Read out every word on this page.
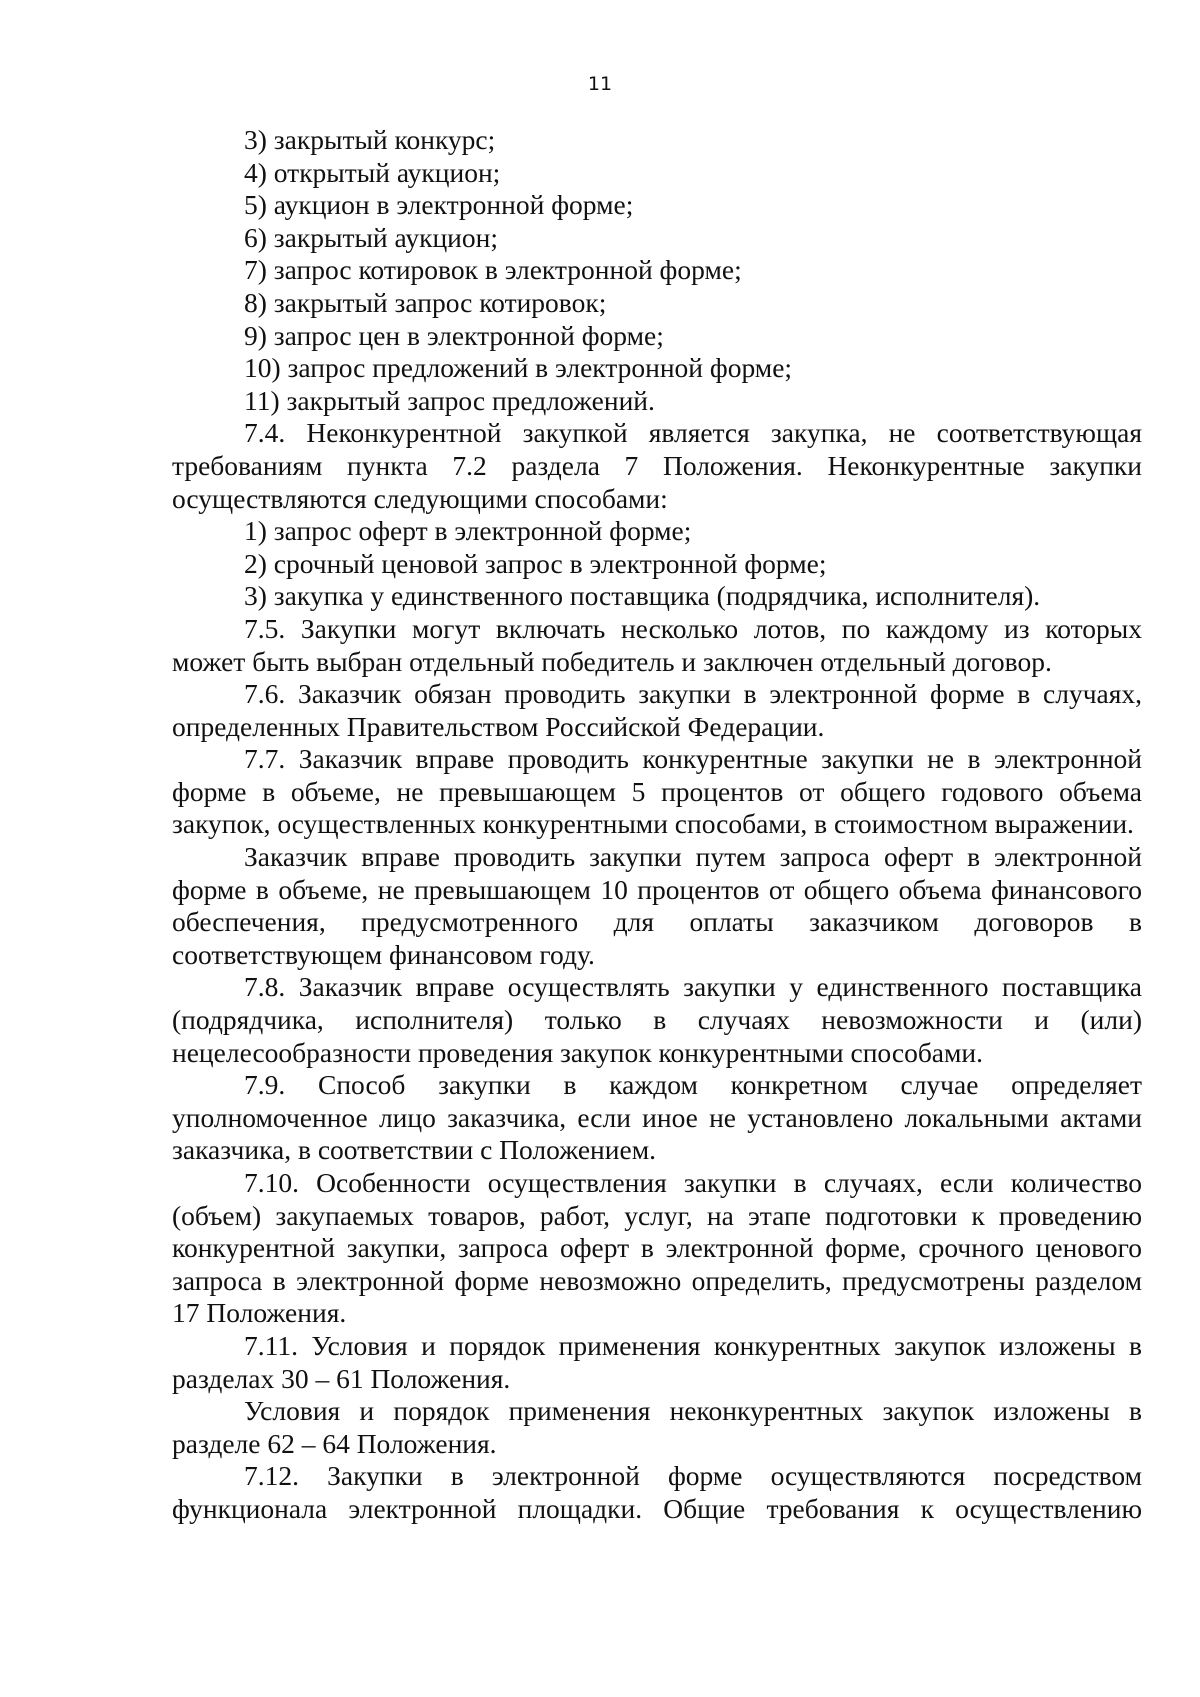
11

3) закрытый конкурс;

4) открытый аукцион;

5) аукцион в электронной форме;

6) закрытый аукцион;

7) запрос котировок в электронной форме;

8) закрытый запрос котировок;

9) запрос цен в электронной форме;

10) запрос предложений в электронной форме;

11) закрытый запрос предложений.

7.4. Неконкурентной закупкой является закупка, не соответствующая требованиям пункта 7.2 раздела 7 Положения. Неконкурентные закупки осуществляются следующими способами:

1) запрос оферт в электронной форме;

2) срочный ценовой запрос в электронной форме;

3) закупка у единственного поставщика (подрядчика, исполнителя).

7.5. Закупки могут включать несколько лотов, по каждому из которых может быть выбран отдельный победитель и заключен отдельный договор.

7.6. Заказчик обязан проводить закупки в электронной форме в случаях, определенных Правительством Российской Федерации.

7.7. Заказчик вправе проводить конкурентные закупки не в электронной форме в объеме, не превышающем 5 процентов от общего годового объема закупок, осуществленных конкурентными способами, в стоимостном выражении.

Заказчик вправе проводить закупки путем запроса оферт в электронной форме в объеме, не превышающем 10 процентов от общего объема финансового обеспечения, предусмотренного для оплаты заказчиком договоров в соответствующем финансовом году.

7.8. Заказчик вправе осуществлять закупки у единственного поставщика (подрядчика, исполнителя) только в случаях невозможности и (или) нецелесообразности проведения закупок конкурентными способами.

7.9. Способ закупки в каждом конкретном случае определяет уполномоченное лицо заказчика, если иное не установлено локальными актами заказчика, в соответствии с Положением.

7.10. Особенности осуществления закупки в случаях, если количество (объем) закупаемых товаров, работ, услуг, на этапе подготовки к проведению конкурентной закупки, запроса оферт в электронной форме, срочного ценового запроса в электронной форме невозможно определить, предусмотрены разделом 17 Положения.

7.11. Условия и порядок применения конкурентных закупок изложены в разделах 30 – 61 Положения.

Условия и порядок применения неконкурентных закупок изложены в разделе 62 – 64 Положения.

7.12. Закупки в электронной форме осуществляются посредством функционала электронной площадки. Общие требования к осуществлению
